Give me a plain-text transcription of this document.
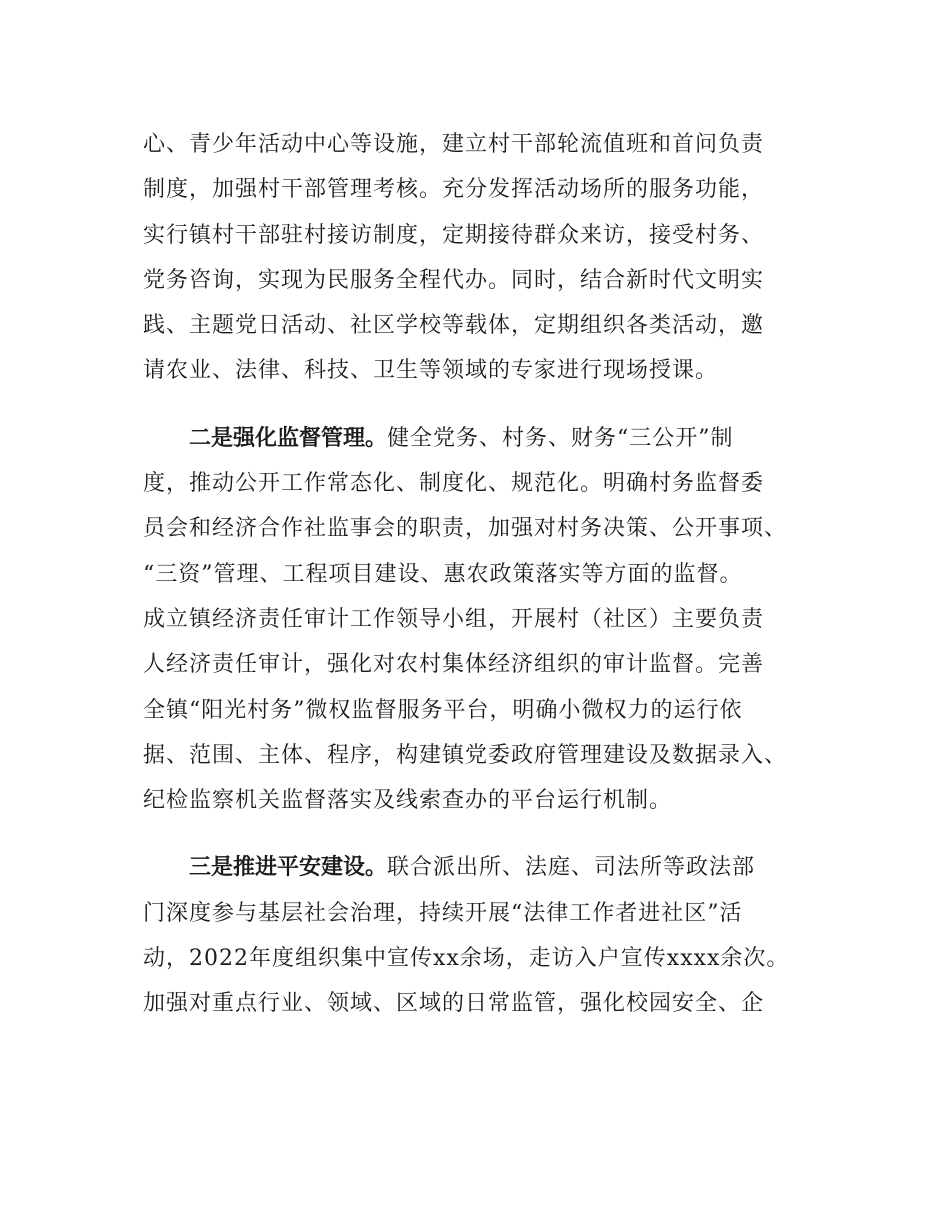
心、青少年活动中心等设施，建立村干部轮流值班和首问负责
制度，加强村干部管理考核。充分发挥活动场所的服务功能，
实行镇村干部驻村接访制度，定期接待群众来访，接受村务、
党务咨询，实现为民服务全程代办。同时，结合新时代文明实
践、主题党日活动、社区学校等载体，定期组织各类活动，邀
请农业、法律、科技、卫生等领域的专家进行现场授课。
二是强化监督管理。健全党务、村务、财务“三公开”制
度，推动公开工作常态化、制度化、规范化。明确村务监督委
员会和经济合作社监事会的职责，加强对村务决策、公开事项、
“三资”管理、工程项目建设、惠农政策落实等方面的监督。
成立镇经济责任审计工作领导小组，开展村（社区）主要负责
人经济责任审计，强化对农村集体经济组织的审计监督。完善
全镇“阳光村务”微权监督服务平台，明确小微权力的运行依
据、范围、主体、程序，构建镇党委政府管理建设及数据录入、
纪检监察机关监督落实及线索查办的平台运行机制。
三是推进平安建设。联合派出所、法庭、司法所等政法部
门深度参与基层社会治理，持续开展“法律工作者进社区”活
动，2022年度组织集中宣传xx余场，走访入户宣传xxxx余次。
加强对重点行业、领域、区域的日常监管，强化校园安全、企
